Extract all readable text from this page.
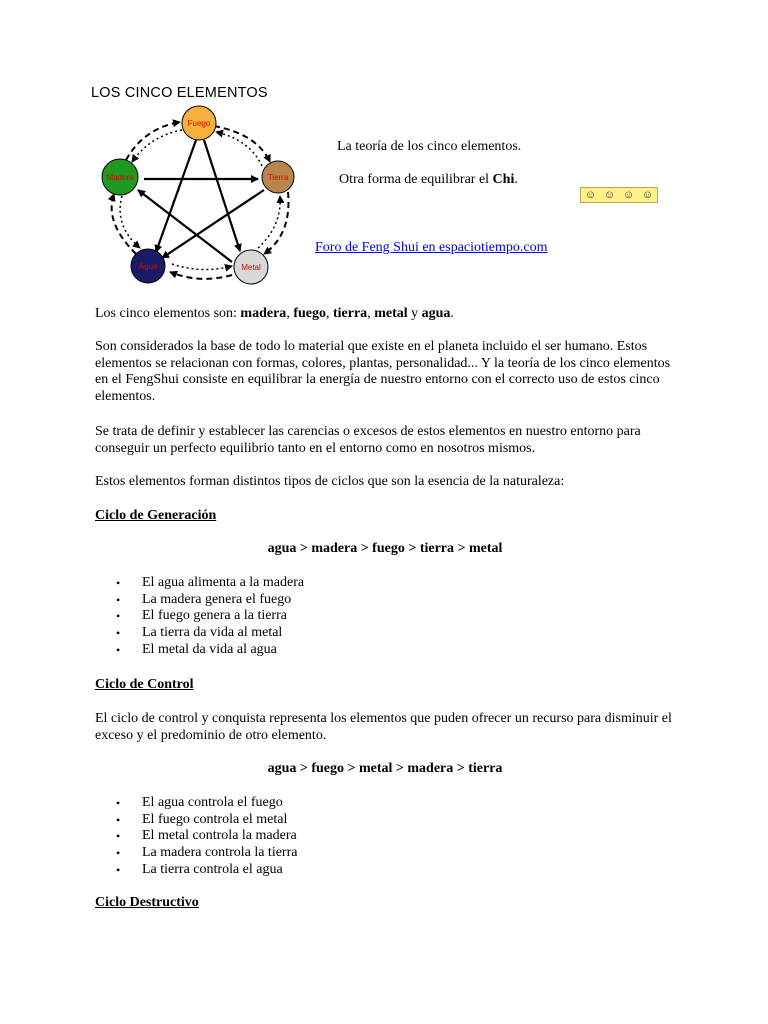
LOS CINCO ELEMENTOS
Fuego
Tierra
Madera
Agua	Metal
La teoría de los cinco elementos.
Otra forma de equilibrar el Chi.
☺ ☺ ☺ ☺
Foro de Feng Shui en espaciotiempo.com
Los cinco elementos son: madera, fuego, tierra, metal y agua.
Son considerados la base de todo lo material que existe en el planeta incluido el ser humano. Estos elementos se relacionan con formas, colores, plantas, personalidad... Y la teoría de los cinco elementos en el FengShui consiste en equilibrar la energía de nuestro entorno con el correcto uso de estos cinco elementos.
Se trata de definir y establecer las carencias o excesos de estos elementos en nuestro entorno para conseguir un perfecto equilibrio tanto en el entorno como en nosotros mismos.
Estos elementos forman distintos tipos de ciclos que son la esencia de la naturaleza:
Ciclo de Generación
agua > madera > fuego > tierra > metal
• El agua alimenta a la madera
• La madera genera el fuego
• El fuego genera a la tierra
• La tierra da vida al metal
• El metal da vida al agua
Ciclo de Control
El ciclo de control y conquista representa los elementos que puden ofrecer un recurso para disminuir el exceso y el predominio de otro elemento.
agua > fuego > metal > madera > tierra
• El agua controla el fuego
• El fuego controla el metal
• El metal controla la madera
• La madera controla la tierra
• La tierra controla el agua
Ciclo Destructivo
